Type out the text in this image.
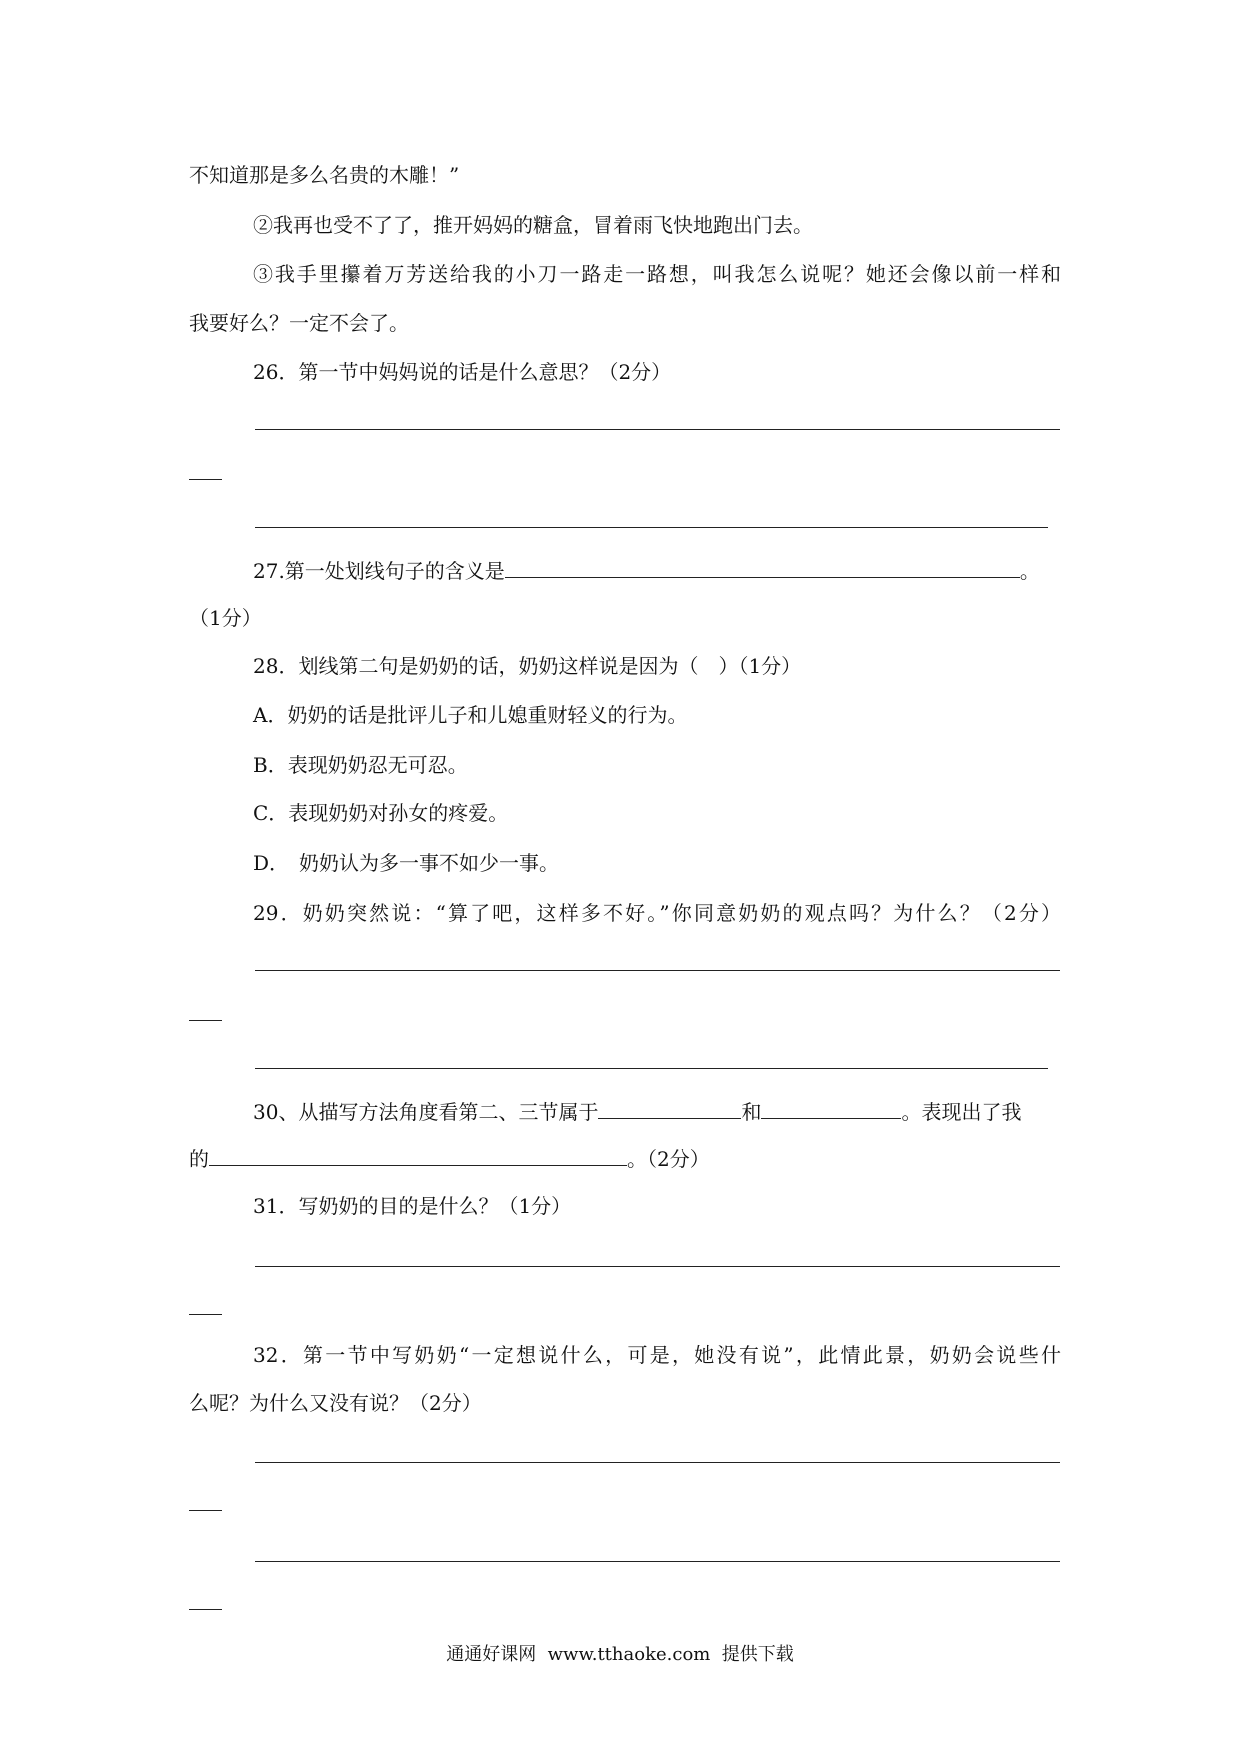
不知道那是多么名贵的木雕！”
②我再也受不了了，推开妈妈的糖盒，冒着雨飞快地跑出门去。
③我手里攥着万芳送给我的小刀一路走一路想，叫我怎么说呢？她还会像以前一样和
我要好么？一定不会了。
26．第一节中妈妈说的话是什么意思？（2分）
27.第一处划线句子的含义是	。
（1分）
28．划线第二句是奶奶的话，奶奶这样说是因为（　）（1分）
A．奶奶的话是批评儿子和儿媳重财轻义的行为。
B．表现奶奶忍无可忍。
C．表现奶奶对孙女的疼爱。
D．　奶奶认为多一事不如少一事。
29．奶奶突然说：“算了吧，这样多不好。”你同意奶奶的观点吗？为什么？（2分）
30、从描写方法角度看第二、三节属于	和	。表现出了我
的	。（2分）
31．写奶奶的目的是什么？（1分）
32．第一节中写奶奶“一定想说什么，可是，她没有说”，此情此景，奶奶会说些什
么呢？为什么又没有说？（2分）
通通好课网  www.tthaoke.com  提供下载
